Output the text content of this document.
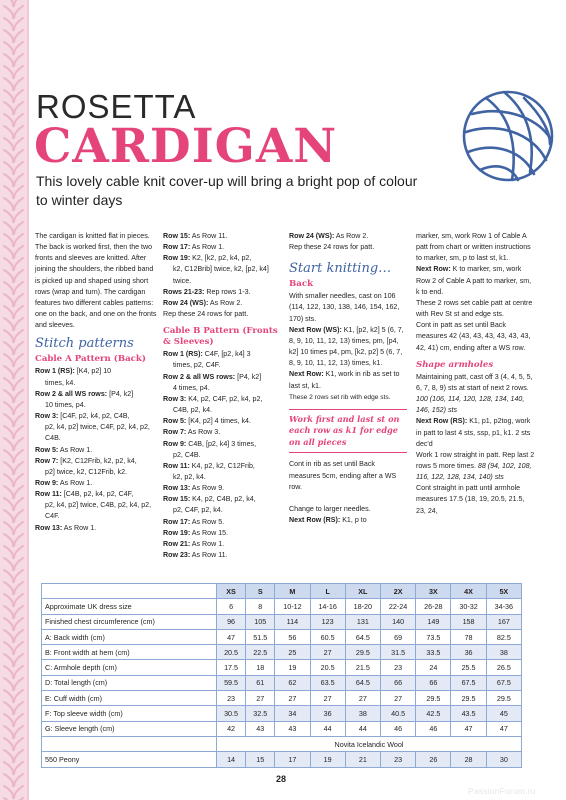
ROSETTA
CARDIGAN
This lovely cable knit cover-up will bring a bright pop of colour to winter days

The cardigan is knitted flat in pieces. The back is worked first, then the two fronts and sleeves are knitted. After joining the shoulders, the ribbed band is picked up and shaped using short rows (wrap and turn). The cardigan features two different cables patterns: one on the back, and one on the fronts and sleeves.

Stitch patterns
Cable A Pattern (Back)

Row 1 (RS): [K4, p2] 10

times, k4.

Row 2 & all WS rows: [P4, k2]

10 times, p4.

Row 3: [C4F, p2, k4, p2, C4B,

p2, k4, p2] twice, C4F, p2, k4, p2, C4B.

Row 5: As Row 1.

Row 7: [K2, C12Frib, k2, p2, k4,

p2] twice, k2, C12Frib, k2.

Row 9: As Row 1.

Row 11: [C4B, p2, k4, p2, C4F,

p2, k4, p2] twice, C4B, p2, k4, p2, C4F.

Row 13: As Row 1.

Row 15: As Row 11.

Row 17: As Row 1.

Row 19: K2, [k2, p2, k4, p2,

k2, C12Brib] twice, k2, [p2, k4] twice.

Rows 21-23: Rep rows 1-3.

Row 24 (WS): As Row 2.

Rep these 24 rows for patt.

Cable B Pattern (Fronts & Sleeves)

Row 1 (RS): C4F, [p2, k4] 3

times, p2, C4F.

Row 2 & all WS rows: [P4, k2]

4 times, p4.

Row 3: K4, p2, C4F, p2, k4, p2,

C4B, p2, k4.

Row 5: [K4, p2] 4 times, k4.

Row 7: As Row 3.

Row 9: C4B, [p2, k4] 3 times,

p2, C4B.

Row 11: K4, p2, k2, C12Frib,

k2, p2, k4.

Row 13: As Row 9.

Row 15: K4, p2, C4B, p2, k4,

p2, C4F, p2, k4.

Row 17: As Row 5.

Row 19: As Row 15.

Row 21: As Row 1.

Row 23: As Row 11.

Row 24 (WS): As Row 2.

Rep these 24 rows for patt.

Start knitting…
Back

With smaller needles, cast on 106 (114, 122, 130, 138, 146, 154, 162, 170) sts.

Next Row (WS): K1, [p2, k2] 5 (6, 7, 8, 9, 10, 11, 12, 13) times, pm, [p4, k2] 10 times p4, pm, [k2, p2] 5 (6, 7, 8, 9, 10, 11, 12, 13) times, k1.

Next Row: K1, work in rib as set to last st, k1.

These 2 rows set rib with edge sts.

Work first and last st on each row as k1 for edge on all pieces

Cont in rib as set until Back measures 5cm, ending after a WS row.

Change to larger needles.

Next Row (RS): K1, p to

marker, sm, work Row 1 of Cable A patt from chart or written instructions to marker, sm, p to last st, k1.

Next Row: K to marker, sm, work Row 2 of Cable A patt to marker, sm, k to end.

These 2 rows set cable patt at centre with Rev St st and edge sts.

Cont in patt as set until Back measures 42 (43, 43, 43, 43, 43, 43, 42, 41) cm, ending after a WS row.

Shape armholes

Maintaining patt, cast off 3 (4, 4, 5, 5, 6, 7, 8, 9) sts at start of next 2 rows. 100 (106, 114, 120, 128, 134, 140, 146, 152) sts

Next Row (RS): K1, p1, p2tog, work in patt to last 4 sts, ssp, p1, k1. 2 sts dec'd

Work 1 row straight in patt. Rep last 2 rows 5 more times. 88 (94, 102, 108, 116, 122, 128, 134, 140) sts

Cont straight in patt until armhole measures 17.5 (18, 19, 20.5, 21.5, 23, 24,

	XS	S	M	L	XL	2X	3X	4X	5X
Approximate UK dress size	6	8	10-12	14-16	18-20	22-24	26-28	30-32	34-36
Finished chest circumference (cm)	96	105	114	123	131	140	149	158	167
A: Back width (cm)	47	51.5	56	60.5	64.5	69	73.5	78	82.5
B: Front width at hem (cm)	20.5	22.5	25	27	29.5	31.5	33.5	36	38
C: Armhole depth (cm)	17.5	18	19	20.5	21.5	23	24	25.5	26.5
D: Total length (cm)	59.5	61	62	63.5	64.5	66	66	67.5	67.5
E: Cuff width (cm)	23	27	27	27	27	27	29.5	29.5	29.5
F: Top sleeve width (cm)	30.5	32.5	34	36	38	40.5	42.5	43.5	45
G: Sleeve length (cm)	42	43	43	44	44	46	46	47	47
	Novita Icelandic Wool								
550 Peony	14	15	17	19	21	23	26	28	30
28
PassionForum.ru
